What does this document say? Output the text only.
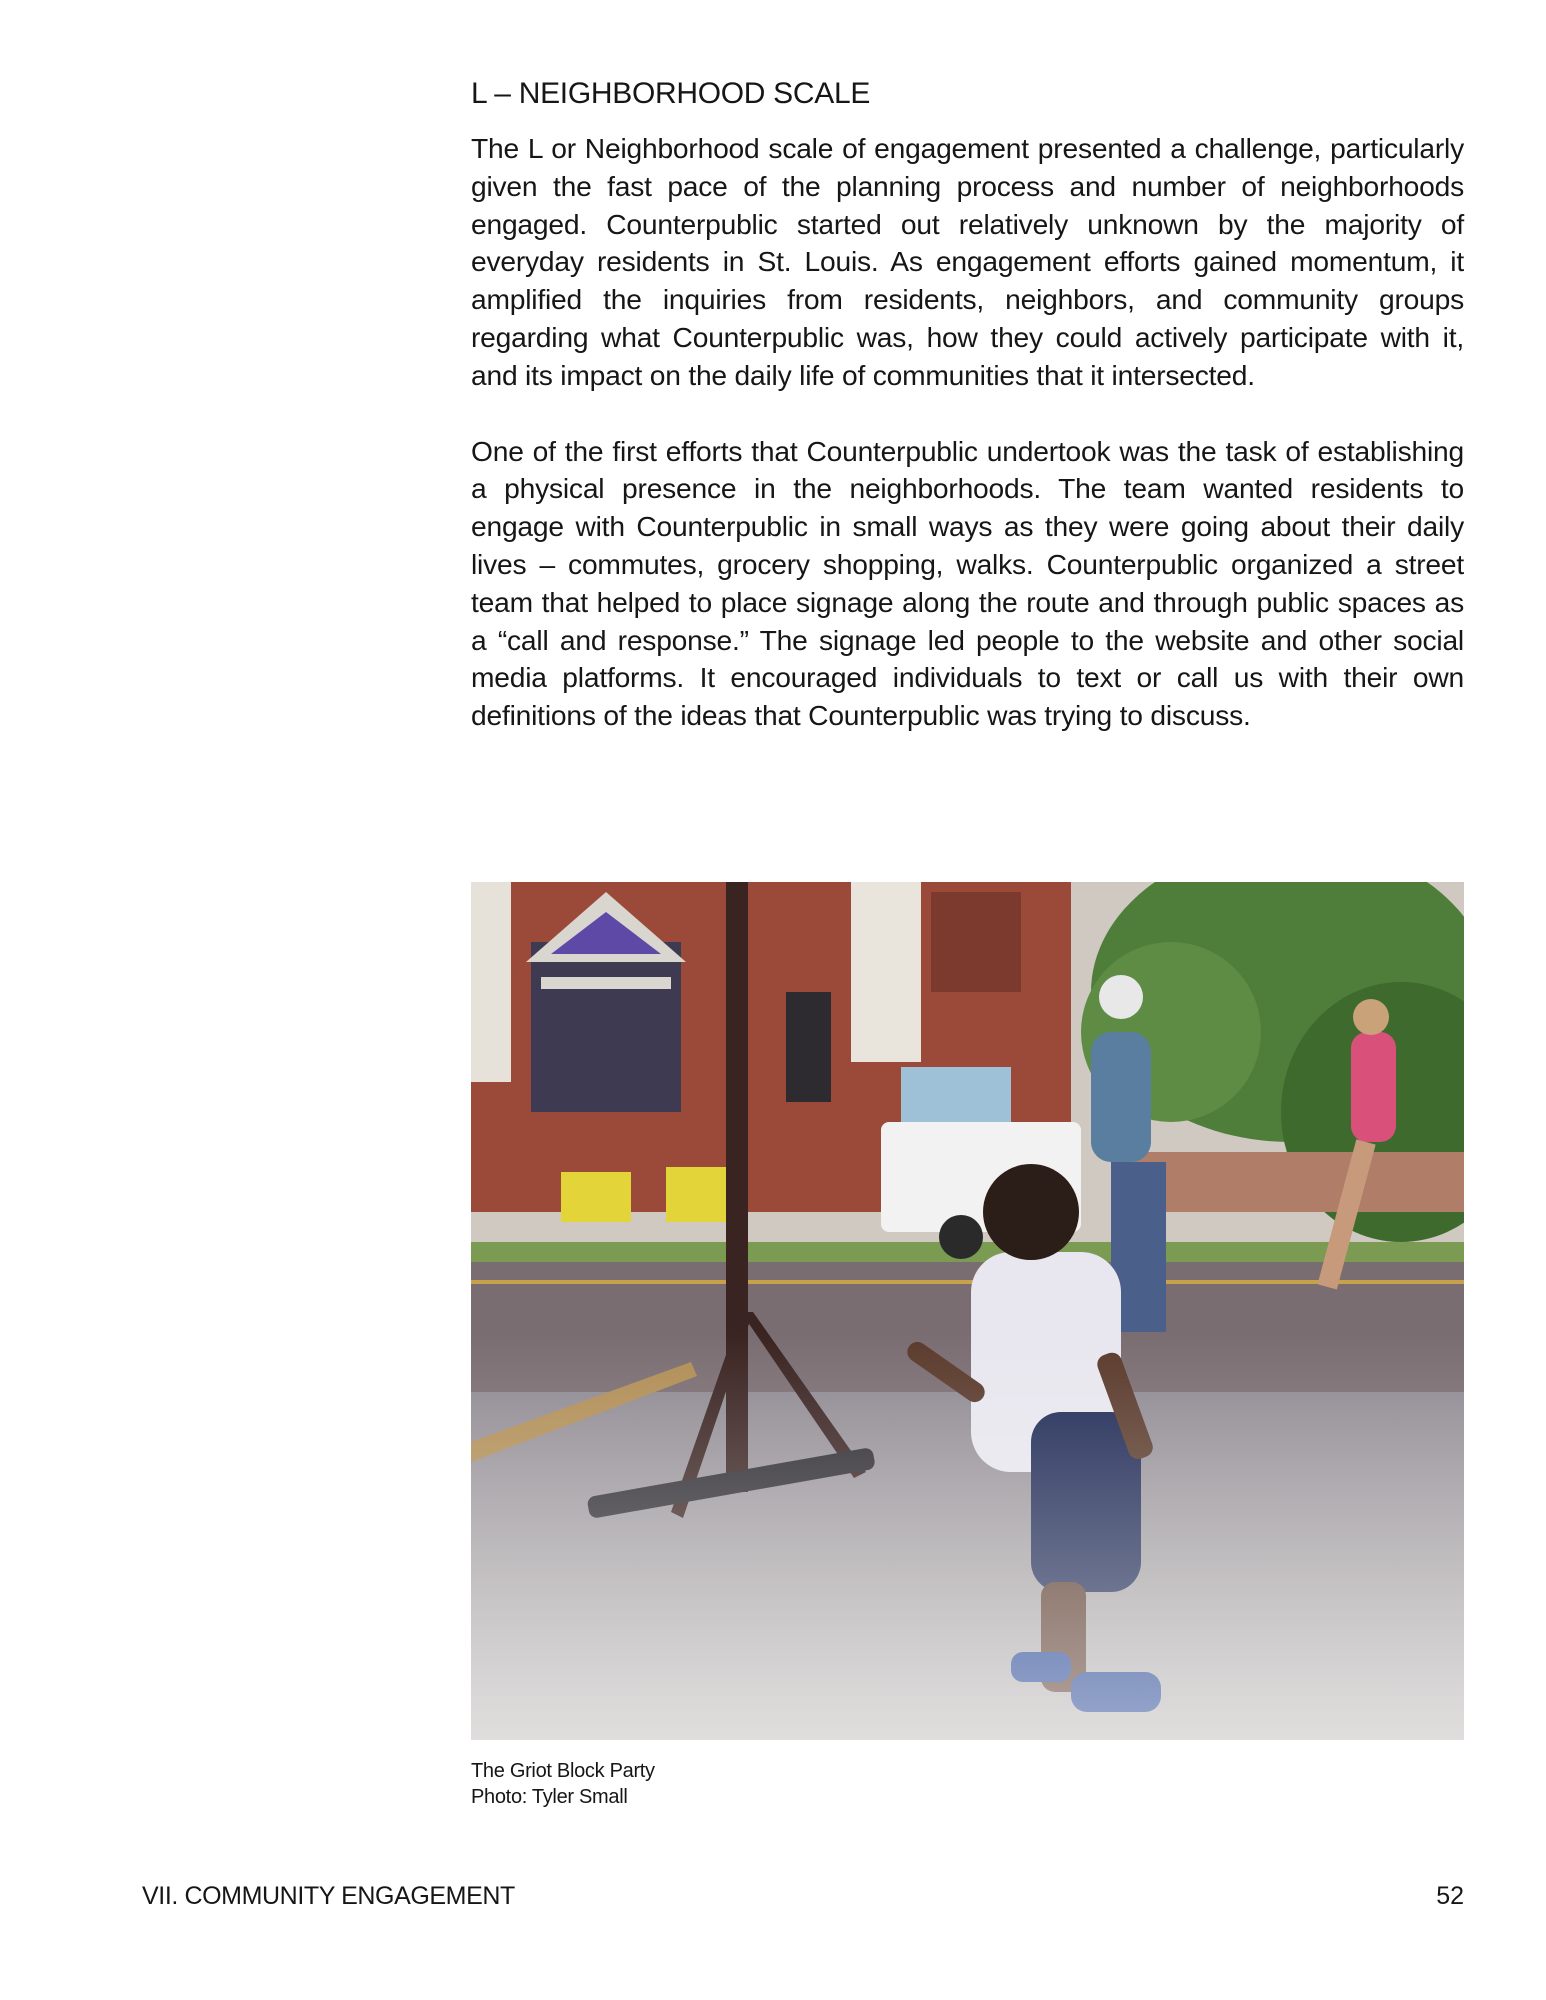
L – NEIGHBORHOOD SCALE

The L or Neighborhood scale of engagement presented a challenge, particularly given the fast pace of the planning process and number of neighborhoods engaged. Counterpublic started out relatively unknown by the majority of everyday residents in St. Louis. As engagement efforts gained momentum, it amplified the inquiries from residents, neighbors, and community groups regarding what Counterpublic was, how they could actively participate with it, and its impact on the daily life of communities that it intersected.

One of the first efforts that Counterpublic undertook was the task of establishing a physical presence in the neighborhoods. The team wanted residents to engage with Counterpublic in small ways as they were going about their daily lives – commutes, grocery shopping, walks. Counterpublic organized a street team that helped to place signage along the route and through public spaces as a “call and response.” The signage led people to the website and other social media platforms. It encouraged individuals to text or call us with their own definitions of the ideas that Counterpublic was trying to discuss.

The Griot Block Party
Photo: Tyler Small
VII. COMMUNITY ENGAGEMENT	52
